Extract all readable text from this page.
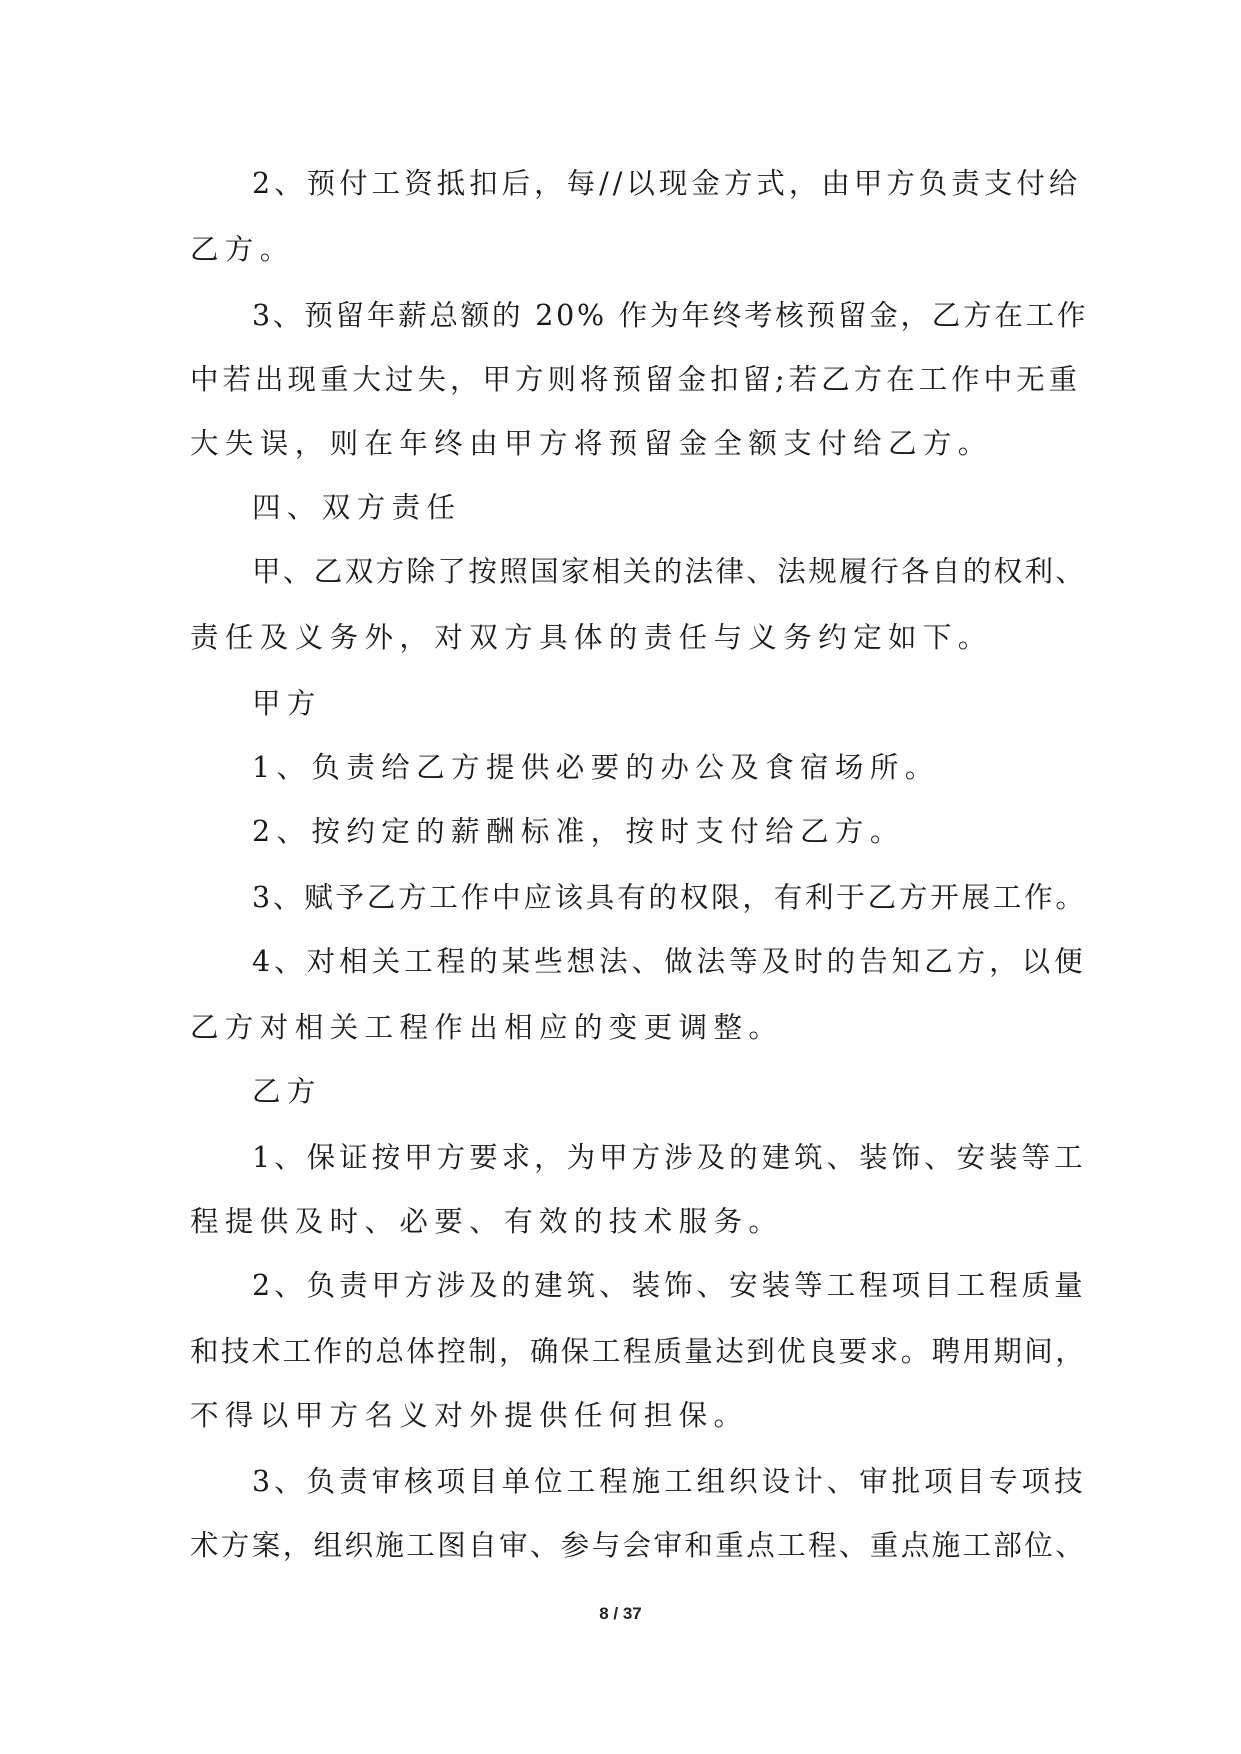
2、预付工资抵扣后，每//以现金方式，由甲方负责支付给
乙方。
3、预留年薪总额的 20% 作为年终考核预留金，乙方在工作
中若出现重大过失，甲方则将预留金扣留;若乙方在工作中无重
大失误，则在年终由甲方将预留金全额支付给乙方。
四、双方责任
甲、乙双方除了按照国家相关的法律、法规履行各自的权利、
责任及义务外，对双方具体的责任与义务约定如下。
甲方
1、负责给乙方提供必要的办公及食宿场所。
2、按约定的薪酬标准，按时支付给乙方。
3、赋予乙方工作中应该具有的权限，有利于乙方开展工作。
4、对相关工程的某些想法、做法等及时的告知乙方，以便
乙方对相关工程作出相应的变更调整。
乙方
1、保证按甲方要求，为甲方涉及的建筑、装饰、安装等工
程提供及时、必要、有效的技术服务。
2、负责甲方涉及的建筑、装饰、安装等工程项目工程质量
和技术工作的总体控制，确保工程质量达到优良要求。聘用期间，
不得以甲方名义对外提供任何担保。
3、负责审核项目单位工程施工组织设计、审批项目专项技
术方案，组织施工图自审、参与会审和重点工程、重点施工部位、
8 / 37
